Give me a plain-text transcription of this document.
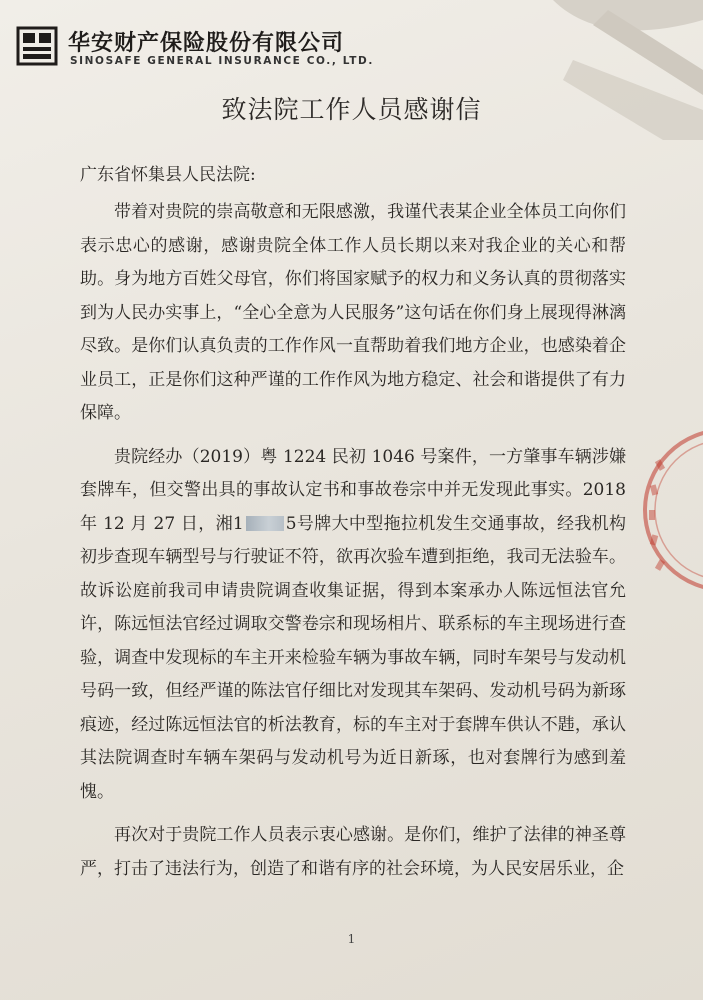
华安财产保险股份有限公司
SINOSAFE GENERAL INSURANCE CO., LTD.
致法院工作人员感谢信
广东省怀集县人民法院:

带着对贵院的崇高敬意和无限感激，我谨代表某企业全体员工向你们表示忠心的感谢，感谢贵院全体工作人员长期以来对我企业的关心和帮助。身为地方百姓父母官，你们将国家赋予的权力和义务认真的贯彻落实到为人民办实事上，“全心全意为人民服务”这句话在你们身上展现得淋漓尽致。是你们认真负责的工作作风一直帮助着我们地方企业，也感染着企业员工，正是你们这种严谨的工作作风为地方稳定、社会和谐提供了有力保障。

贵院经办（2019）粤 1224 民初 1046 号案件，一方肇事车辆涉嫌套牌车，但交警出具的事故认定书和事故卷宗中并无发现此事实。2018 年 12 月 27 日，湘1 5号牌大中型拖拉机发生交通事故，经我机构初步查现车辆型号与行驶证不符，欲再次验车遭到拒绝，我司无法验车。故诉讼庭前我司申请贵院调查收集证据，得到本案承办人陈远恒法官允许，陈远恒法官经过调取交警卷宗和现场相片、联系标的车主现场进行查验，调查中发现标的车主开来检验车辆为事故车辆，同时车架号与发动机号码一致，但经严谨的陈法官仔细比对发现其车架码、发动机号码为新琢痕迹，经过陈远恒法官的析法教育，标的车主对于套牌车供认不韪，承认其法院调查时车辆车架码与发动机号为近日新琢，也对套牌行为感到羞愧。

再次对于贵院工作人员表示衷心感谢。是你们，维护了法律的神圣尊严，打击了违法行为，创造了和谐有序的社会环境，为人民安居乐业，企

1
